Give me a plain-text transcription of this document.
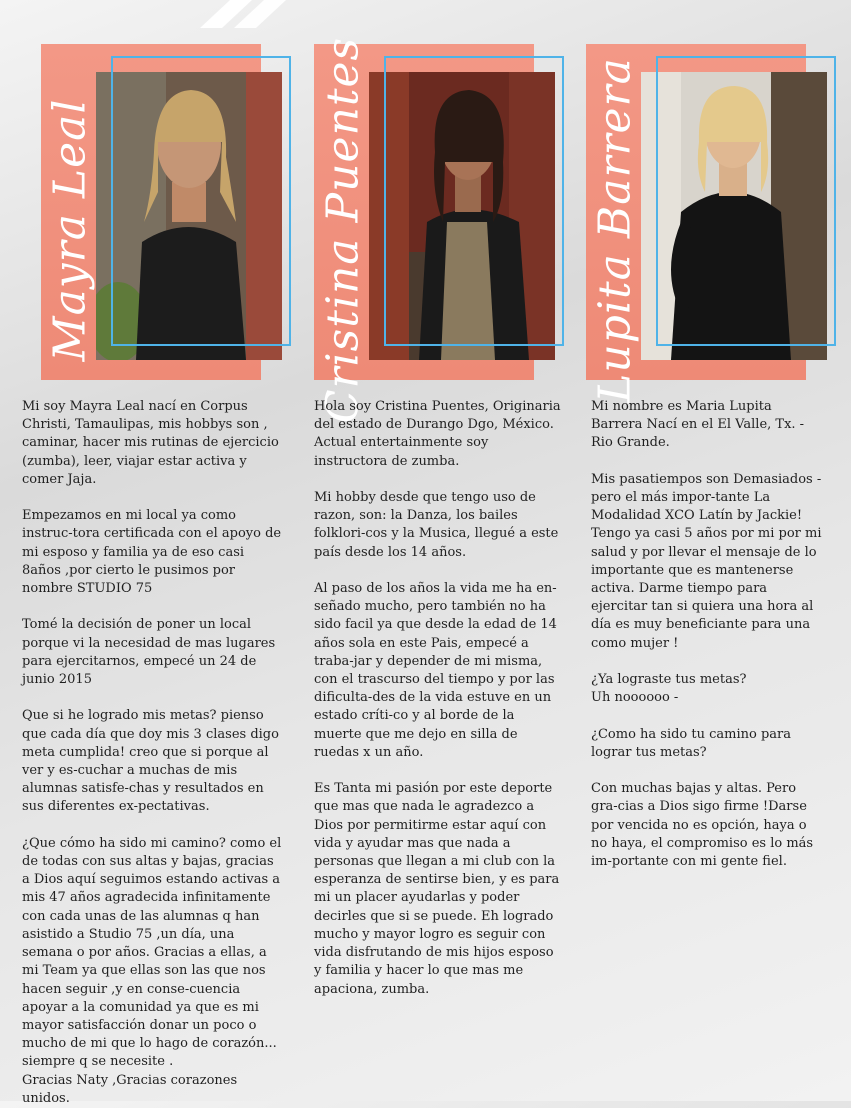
Mayra Leal	Cristina Puentes	Lupita Barrera
Mi soy Mayra Leal nací en Corpus Christi, Tamaulipas, mis hobbys son , caminar, hacer mis rutinas de ejercicio (zumba), leer, viajar estar activa y comer Jaja.

Empezamos en mi local ya como instruc-tora certificada con el apoyo de mi esposo y familia ya de eso casi 8años ,por cierto le pusimos por nombre STUDIO 75

Tomé la decisión de poner un local porque vi la necesidad de mas lugares para ejercitarnos, empecé un 24 de junio 2015

Que si he logrado mis metas? pienso que cada día que doy mis 3 clases digo meta cumplida! creo que si porque al ver y es-cuchar a muchas de mis alumnas satisfe-chas y resultados en sus diferentes ex-pectativas.

¿Que cómo ha sido mi camino? como el de todas con sus altas y bajas, gracias a Dios aquí seguimos estando activas a mis 47 años agradecida infinitamente con cada unas de las alumnas q han asistido a Studio 75 ,un día, una semana o por años. Gracias a ellas, a mi Team ya que ellas son las que nos hacen seguir ,y en conse-cuencia apoyar a la comunidad ya que es mi mayor satisfacción donar un poco o mucho de mi que lo hago de corazón... siempre q se necesite .
Gracias Naty ,Gracias corazones unidos.
Hola soy Cristina Puentes, Originaria del estado de Durango Dgo, México. Actual entertainmente soy instructora de zumba.

Mi hobby desde que tengo uso de razon, son: la Danza, los bailes folklori-cos y la Musica, llegué a este país desde los 14 años.

Al paso de los años la vida me ha en-señado mucho, pero también no ha sido facil ya que desde la edad de 14 años sola en este Pais, empecé a traba-jar y depender de mi misma, con el trascurso del tiempo y por las dificulta-des de la vida estuve en un estado críti-co y al borde de la muerte que me dejo en silla de ruedas x un año.

Es Tanta mi pasión por este deporte que mas que nada le agradezco a Dios por permitirme estar aquí con vida y ayudar mas que nada a personas que llegan a mi club con la esperanza de sentirse bien, y es para mi un placer ayudarlas y poder decirles que si se puede. Eh logrado mucho y mayor logro es seguir con vida disfrutando de mis hijos esposo y familia y hacer lo que mas me apaciona, zumba.
Mi nombre es Maria Lupita Barrera Nací en el El Valle, Tx. - Rio Grande.

Mis pasatiempos son Demasiados - pero el más impor-tante La Modalidad XCO Latín by Jackie!
Tengo ya casi 5 años por mi por mi salud y por llevar el mensaje de lo importante que es mantenerse activa. Darme tiempo para ejercitar tan si quiera una hora al día es muy beneficiante para una como mujer !

¿Ya lograste tus metas?
Uh noooooo -

¿Como ha sido tu camino para lograr tus metas?

Con muchas bajas y altas. Pero gra-cias a Dios sigo firme !Darse por vencida no es opción, haya o no haya, el compromiso es lo más im-portante con mi gente fiel.
